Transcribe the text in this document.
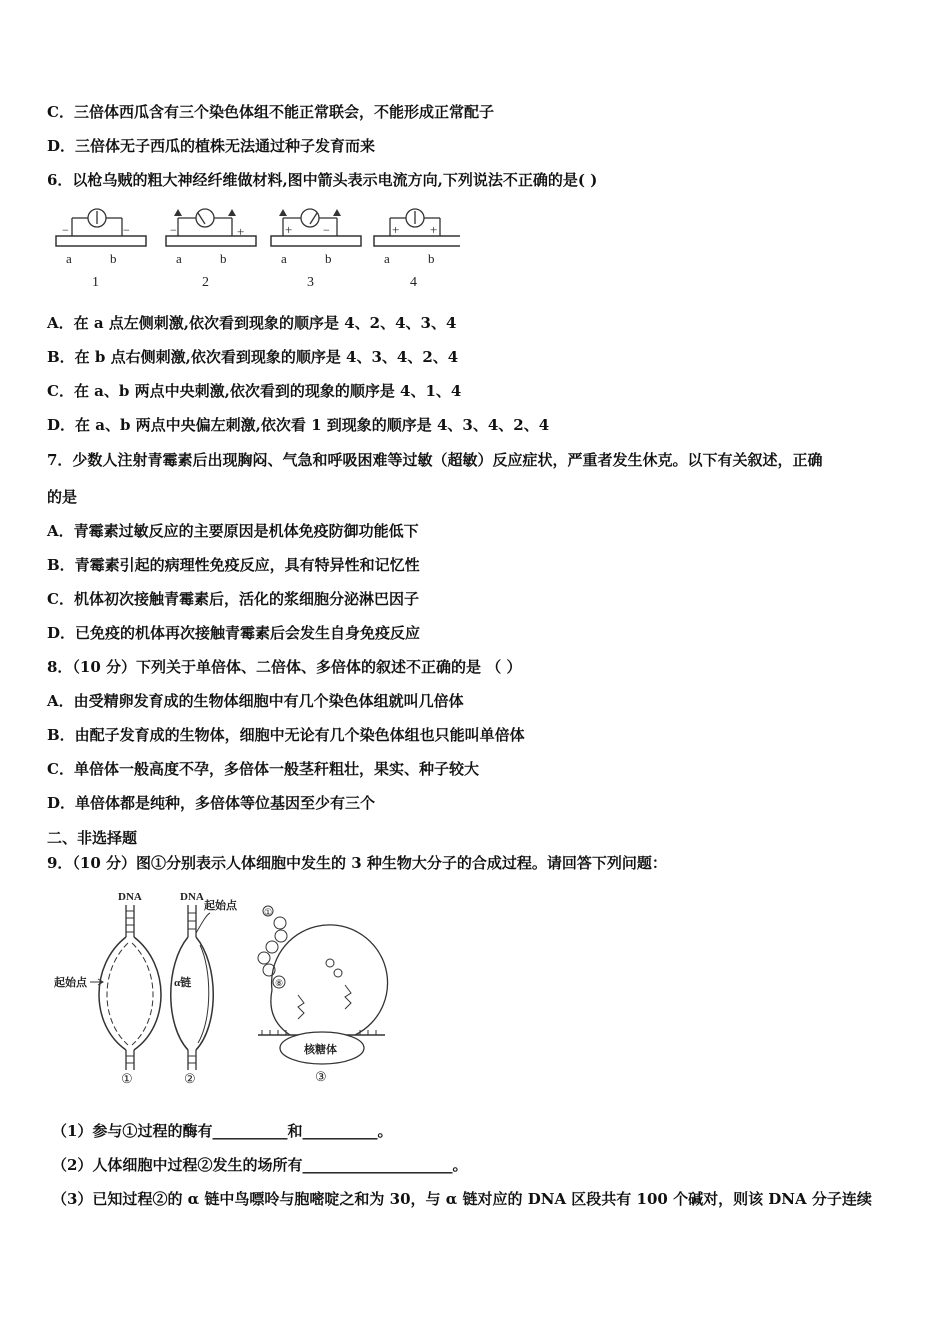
C．三倍体西瓜含有三个染色体组不能正常联会，不能形成正常配子
D．三倍体无子西瓜的植株无法通过种子发育而来
6．以枪乌贼的粗大神经纤维做材料,图中箭头表示电流方向,下列说法不正确的是( )
−	−
a	b
1
−	+
a	b
2
+	−
a	b
3
+ +
a	b
4
A．在 a 点左侧刺激,依次看到现象的顺序是 4、2、4、3、4
B．在 b 点右侧刺激,依次看到现象的顺序是 4、3、4、2、4
C．在 a、b 两点中央刺激,依次看到的现象的顺序是 4、1、4
D．在 a、b 两点中央偏左刺激,依次看 1 到现象的顺序是 4、3、4、2、4
7．少数人注射青霉素后出现胸闷、气急和呼吸困难等过敏（超敏）反应症状，严重者发生休克。以下有关叙述，正确
的是
A．青霉素过敏反应的主要原因是机体免疫防御功能低下
B．青霉素引起的病理性免疫反应，具有特异性和记忆性
C．机体初次接触青霉素后，活化的浆细胞分泌淋巴因子
D．已免疫的机体再次接触青霉素后会发生自身免疫反应
8．（10 分）下列关于单倍体、二倍体、多倍体的叙述不正确的是 （ ）
A．由受精卵发育成的生物体细胞中有几个染色体组就叫几倍体
B．由配子发育成的生物体，细胞中无论有几个染色体组也只能叫单倍体
C．单倍体一般高度不孕，多倍体一般茎秆粗壮，果实、种子较大
D．单倍体都是纯种，多倍体等位基因至少有三个
二、非选择题
9．（10 分）图①分别表示人体细胞中发生的 3 种生物大分子的合成过程。请回答下列问题：
DNA
起始点
①
DNA
起始点
α链
②
①
⑧
核糖体
③
（1）参与①过程的酶有__________和__________。
（2）人体细胞中过程②发生的场所有____________________。
（3）已知过程②的 α 链中鸟嘌呤与胞嘧啶之和为 30，与 α 链对应的 DNA 区段共有 100 个碱对，则该 DNA 分子连续
